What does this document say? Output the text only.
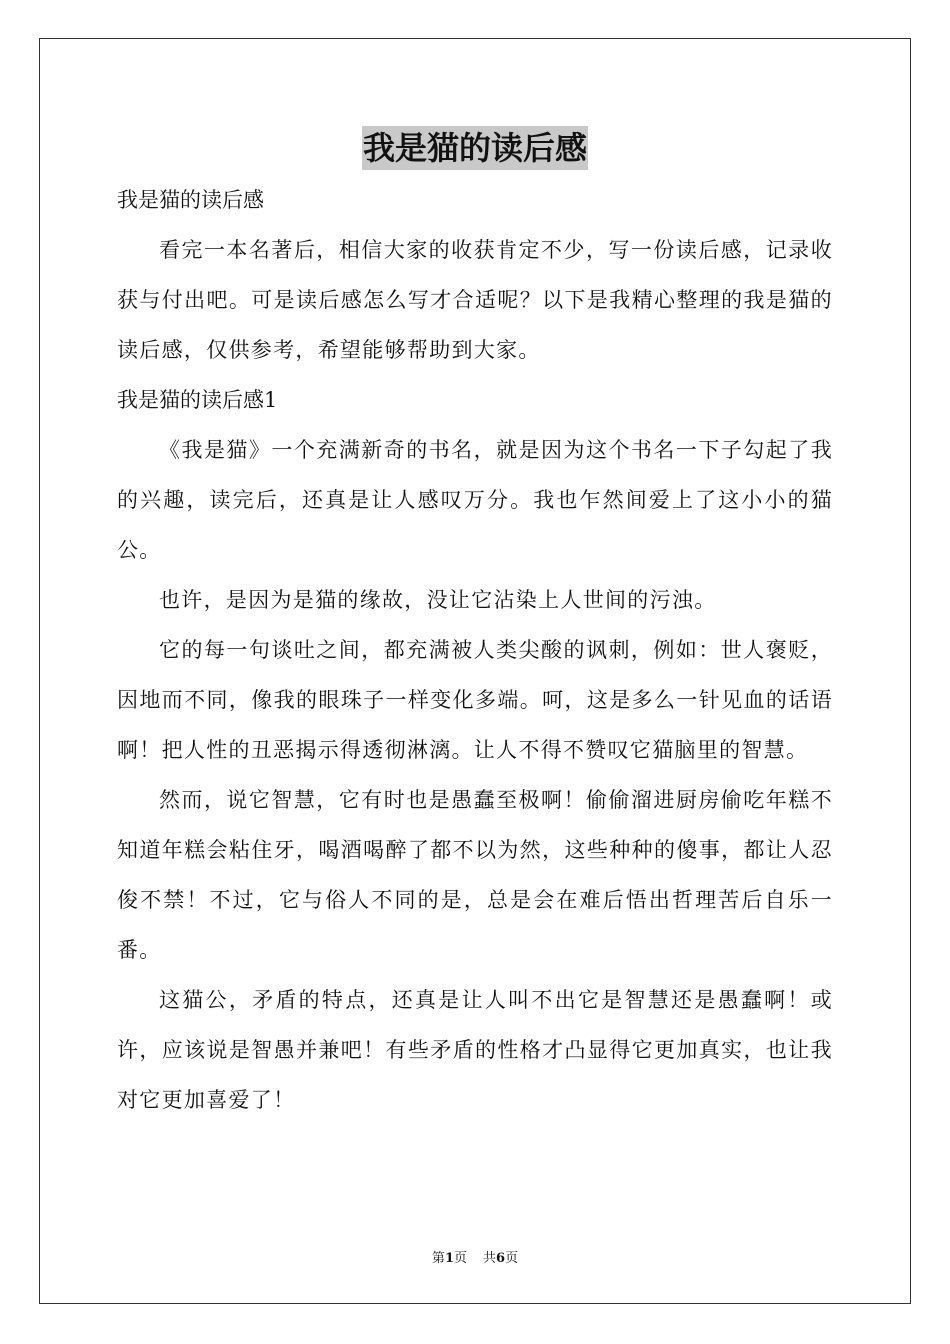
我是猫的读后感

我是猫的读后感

看完一本名著后，相信大家的收获肯定不少，写一份读后感，记录收获与付出吧。可是读后感怎么写才合适呢？以下是我精心整理的我是猫的读后感，仅供参考，希望能够帮助到大家。

我是猫的读后感1

《我是猫》一个充满新奇的书名，就是因为这个书名一下子勾起了我的兴趣，读完后，还真是让人感叹万分。我也乍然间爱上了这小小的猫公。

也许，是因为是猫的缘故，没让它沾染上人世间的污浊。

它的每一句谈吐之间，都充满被人类尖酸的讽刺，例如：世人褒贬，因地而不同，像我的眼珠子一样变化多端。呵，这是多么一针见血的话语啊！把人性的丑恶揭示得透彻淋漓。让人不得不赞叹它猫脑里的智慧。

然而，说它智慧，它有时也是愚蠢至极啊！偷偷溜进厨房偷吃年糕不知道年糕会粘住牙，喝酒喝醉了都不以为然，这些种种的傻事，都让人忍俊不禁！不过，它与俗人不同的是，总是会在难后悟出哲理苦后自乐一番。

这猫公，矛盾的特点，还真是让人叫不出它是智慧还是愚蠢啊！或许，应该说是智愚并兼吧！有些矛盾的性格才凸显得它更加真实，也让我对它更加喜爱了！

第1页 共6页
